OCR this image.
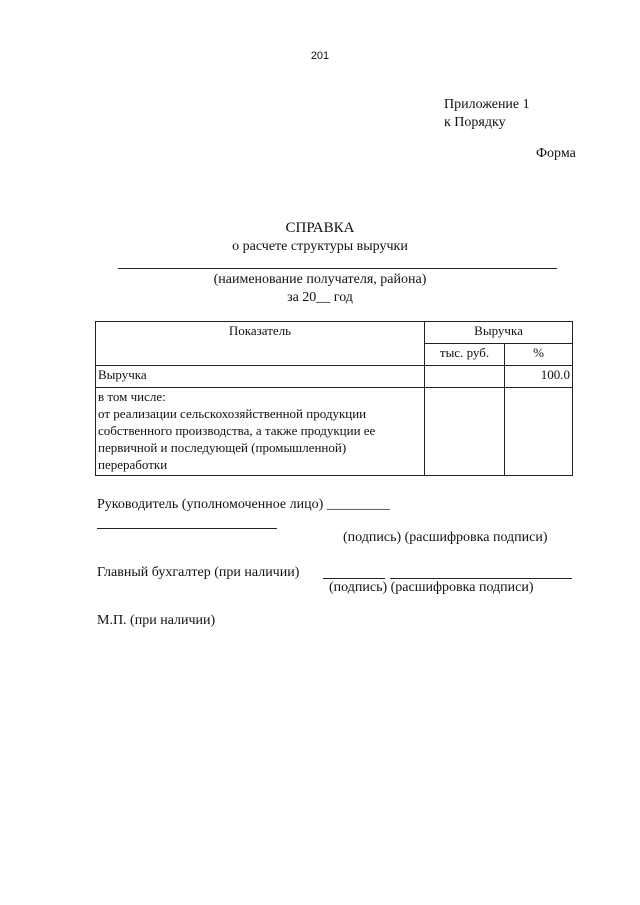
201
Приложение 1
к Порядку
Форма
СПРАВКА
о расчете структуры выручки
(наименование получателя, района)
за 20__ год
Показатель	Выручка	
	тыс. руб.	%
Выручка		100.0
в том числе:
от реализации сельскохозяйственной продукции
собственного производства, а также продукции ее
первичной и последующей (промышленной)
переработки		
Руководитель (уполномоченное лицо) _________
(подпись) (расшифровка подписи)
Главный бухгалтер (при наличии)
(подпись) (расшифровка подписи)
М.П. (при наличии)
